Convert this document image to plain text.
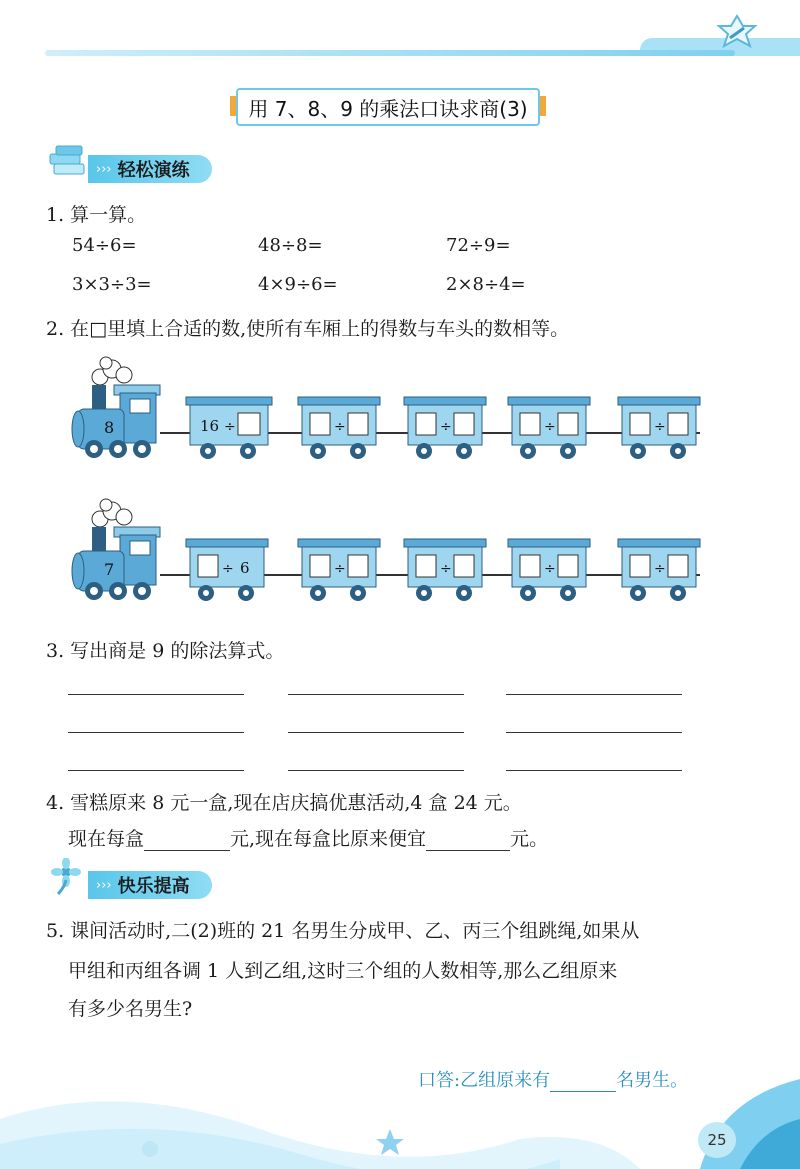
用 7、8、9 的乘法口诀求商(3)
››› 轻松演练
1. 算一算。
54÷6=	48÷8=	72÷9=
3×3÷3=	4×9÷6=	2×8÷4=
2. 在□里填上合适的数,使所有车厢上的得数与车头的数相等。
8	16 ÷	÷	÷	÷	÷
7	÷ 6	÷	÷	÷	÷
3. 写出商是 9 的除法算式。
4. 雪糕原来 8 元一盒,现在店庆搞优惠活动,4 盒 24 元。
现在每盒	元,现在每盒比原来便宜	元。
››› 快乐提高
5. 课间活动时,二(2)班的 21 名男生分成甲、乙、丙三个组跳绳,如果从
甲组和丙组各调 1 人到乙组,这时三个组的人数相等,那么乙组原来
有多少名男生?
口答:乙组原来有	名男生。
25
